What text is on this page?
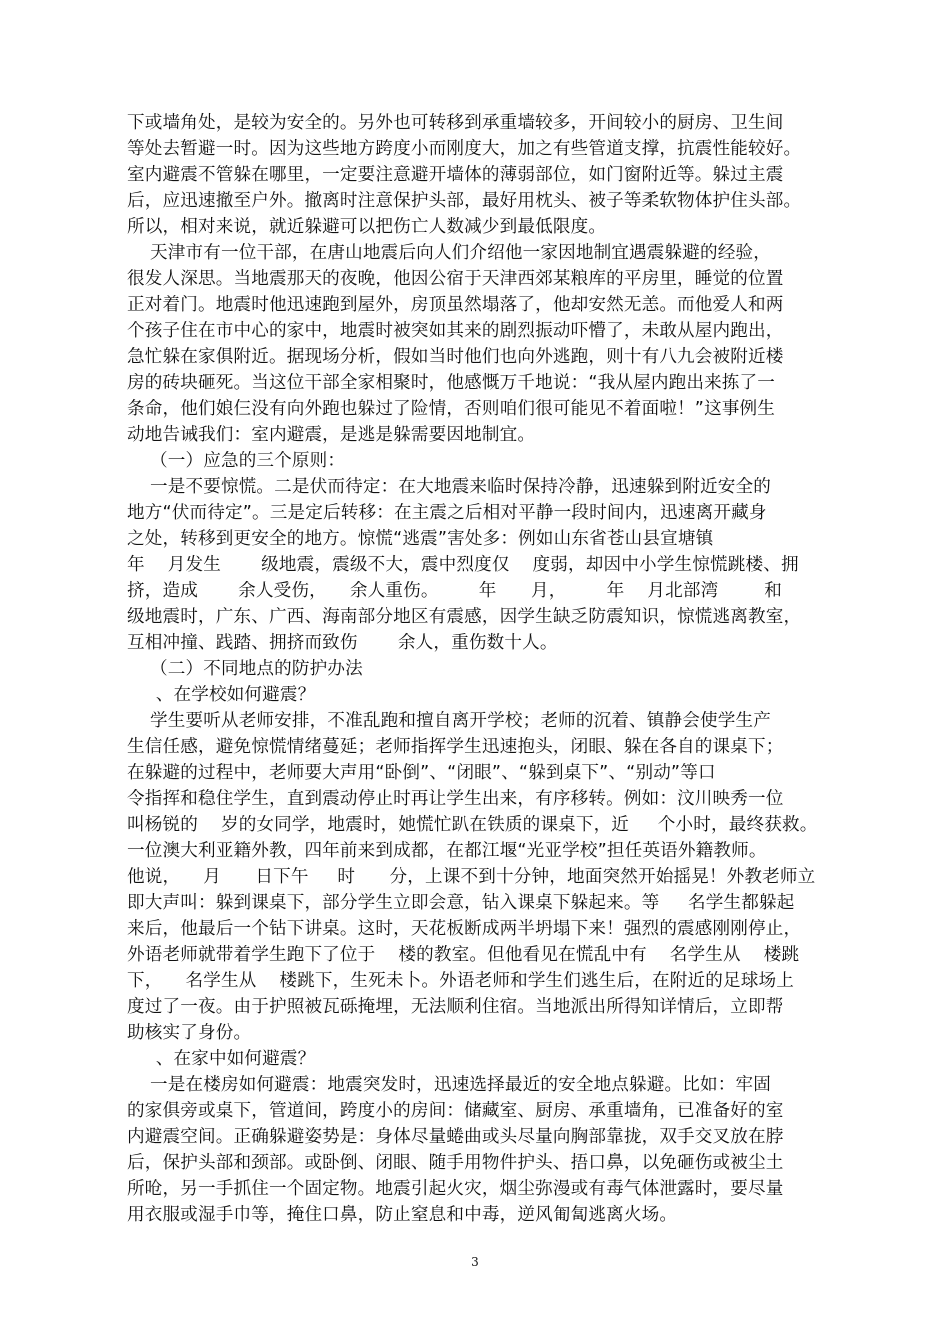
下或墙角处，是较为安全的。另外也可转移到承重墙较多，开间较小的厨房、卫生间
等处去暂避一时。因为这些地方跨度小而刚度大，加之有些管道支撑，抗震性能较好。
室内避震不管躲在哪里，一定要注意避开墙体的薄弱部位，如门窗附近等。躲过主震
后，应迅速撤至户外。撤离时注意保护头部，最好用枕头、被子等柔软物体护住头部。
所以，相对来说，就近躲避可以把伤亡人数减少到最低限度。
天津市有一位干部，在唐山地震后向人们介绍他一家因地制宜遇震躲避的经验，
很发人深思。当地震那天的夜晚，他因公宿于天津西郊某粮库的平房里，睡觉的位置
正对着门。地震时他迅速跑到屋外，房顶虽然塌落了，他却安然无恙。而他爱人和两
个孩子住在市中心的家中，地震时被突如其来的剧烈振动吓懵了，未敢从屋内跑出，
急忙躲在家俱附近。据现场分析，假如当时他们也向外逃跑，则十有八九会被附近楼
房的砖块砸死。当这位干部全家相聚时，他感慨万千地说：“我从屋内跑出来拣了一
条命，他们娘仨没有向外跑也躲过了险情，否则咱们很可能见不着面啦！”这事例生
动地告诫我们：室内避震，是逃是躲需要因地制宜。
（一）应急的三个原则：
一是不要惊慌。二是伏而待定：在大地震来临时保持冷静，迅速躲到附近安全的
地方“伏而待定”。三是定后转移：在主震之后相对平静一段时间内，迅速离开藏身
之处，转移到更安全的地方。惊慌“逃震”害处多：例如山东省苍山县宣塘镇
年    月发生       级地震，震级不大，震中烈度仅    度弱，却因中小学生惊慌跳楼、拥
挤，造成       余人受伤，    余人重伤。       年      月，       年    月北部湾        和
级地震时，广东、广西、海南部分地区有震感，因学生缺乏防震知识，惊慌逃离教室，
互相冲撞、践踏、拥挤而致伤       余人，重伤数十人。
（二）不同地点的防护办法
、在学校如何避震？
学生要听从老师安排，不准乱跑和擅自离开学校；老师的沉着、镇静会使学生产
生信任感，避免惊慌情绪蔓延；老师指挥学生迅速抱头，闭眼、躲在各自的课桌下；
在躲避的过程中，老师要大声用“卧倒”、“闭眼”、“躲到桌下”、“别动”等口
令指挥和稳住学生，直到震动停止时再让学生出来，有序移转。例如：汶川映秀一位
叫杨锐的    岁的女同学，地震时，她慌忙趴在铁质的课桌下，近     个小时，最终获救。
一位澳大利亚籍外教，四年前来到成都，在都江堰“光亚学校”担任英语外籍教师。
他说，    月      日下午     时      分，上课不到十分钟，地面突然开始摇晃！外教老师立
即大声叫：躲到课桌下，部分学生立即会意，钻入课桌下躲起来。等     名学生都躲起
来后，他最后一个钻下讲桌。这时，天花板断成两半坍塌下来！强烈的震感刚刚停止，
外语老师就带着学生跑下了位于    楼的教室。但他看见在慌乱中有    名学生从    楼跳
下，    名学生从    楼跳下，生死未卜。外语老师和学生们逃生后，在附近的足球场上
度过了一夜。由于护照被瓦砾掩埋，无法顺利住宿。当地派出所得知详情后，立即帮
助核实了身份。
、在家中如何避震？
一是在楼房如何避震：地震突发时，迅速选择最近的安全地点躲避。比如：牢固
的家俱旁或桌下，管道间，跨度小的房间：储藏室、厨房、承重墙角，已准备好的室
内避震空间。正确躲避姿势是：身体尽量蜷曲或头尽量向胸部靠拢，双手交叉放在脖
后，保护头部和颈部。或卧倒、闭眼、随手用物件护头、捂口鼻，以免砸伤或被尘土
所呛，另一手抓住一个固定物。地震引起火灾，烟尘弥漫或有毒气体泄露时，要尽量
用衣服或湿手巾等，掩住口鼻，防止窒息和中毒，逆风匍匐逃离火场。
3
